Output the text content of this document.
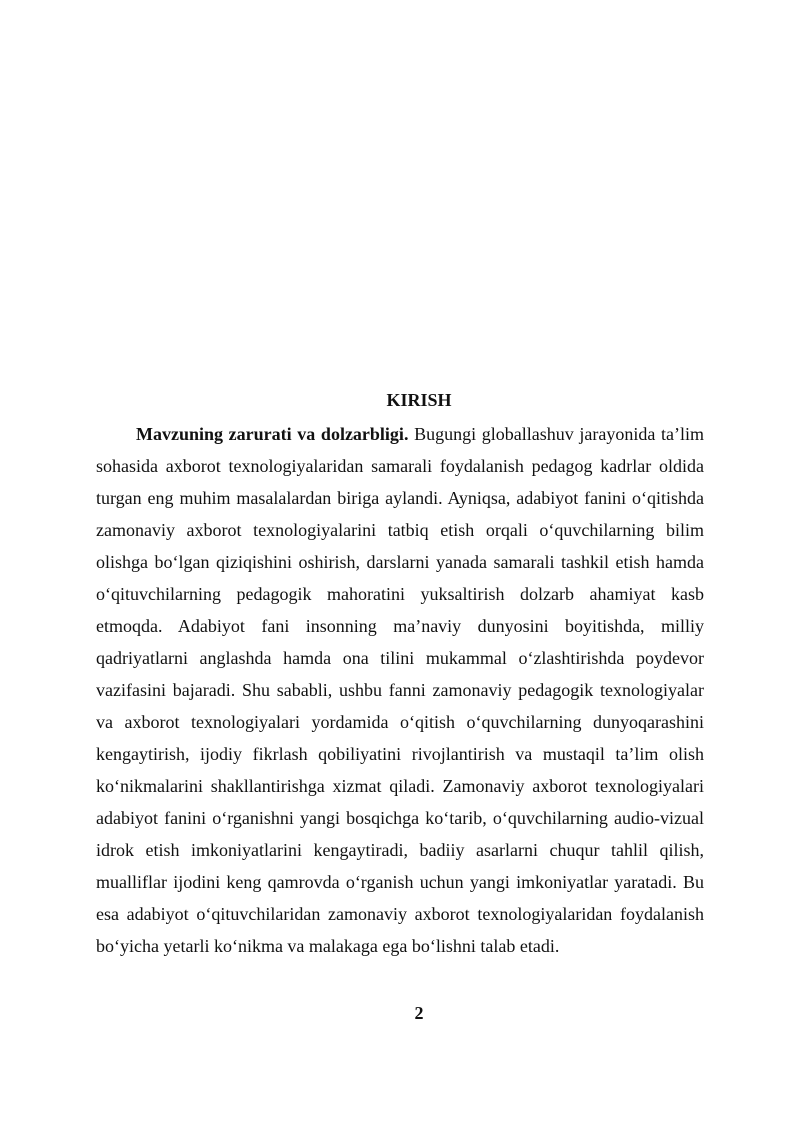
KIRISH

Mavzuning zarurati va dolzarbligi. Bugungi globallashuv jarayonida ta’lim sohasida axborot texnologiyalaridan samarali foydalanish pedagog kadrlar oldida turgan eng muhim masalalardan biriga aylandi. Ayniqsa, adabiyot fanini o‘qitishda zamonaviy axborot texnologiyalarini tatbiq etish orqali o‘quvchilarning bilim olishga bo‘lgan qiziqishini oshirish, darslarni yanada samarali tashkil etish hamda o‘qituvchilarning pedagogik mahoratini yuksaltirish dolzarb ahamiyat kasb etmoqda. Adabiyot fani insonning ma’naviy dunyosini boyitishda, milliy qadriyatlarni anglashda hamda ona tilini mukammal o‘zlashtirishda poydevor vazifasini bajaradi. Shu sababli, ushbu fanni zamonaviy pedagogik texnologiyalar va axborot texnologiyalari yordamida o‘qitish o‘quvchilarning dunyoqarashini kengaytirish, ijodiy fikrlash qobiliyatini rivojlantirish va mustaqil ta’lim olish ko‘nikmalarini shakllantirishga xizmat qiladi. Zamonaviy axborot texnologiyalari adabiyot fanini o‘rganishni yangi bosqichga ko‘tarib, o‘quvchilarning audio-vizual idrok etish imkoniyatlarini kengaytiradi, badiiy asarlarni chuqur tahlil qilish, mualliflar ijodini keng qamrovda o‘rganish uchun yangi imkoniyatlar yaratadi. Bu esa adabiyot o‘qituvchilaridan zamonaviy axborot texnologiyalaridan foydalanish bo‘yicha yetarli ko‘nikma va malakaga ega bo‘lishni talab etadi.

2
